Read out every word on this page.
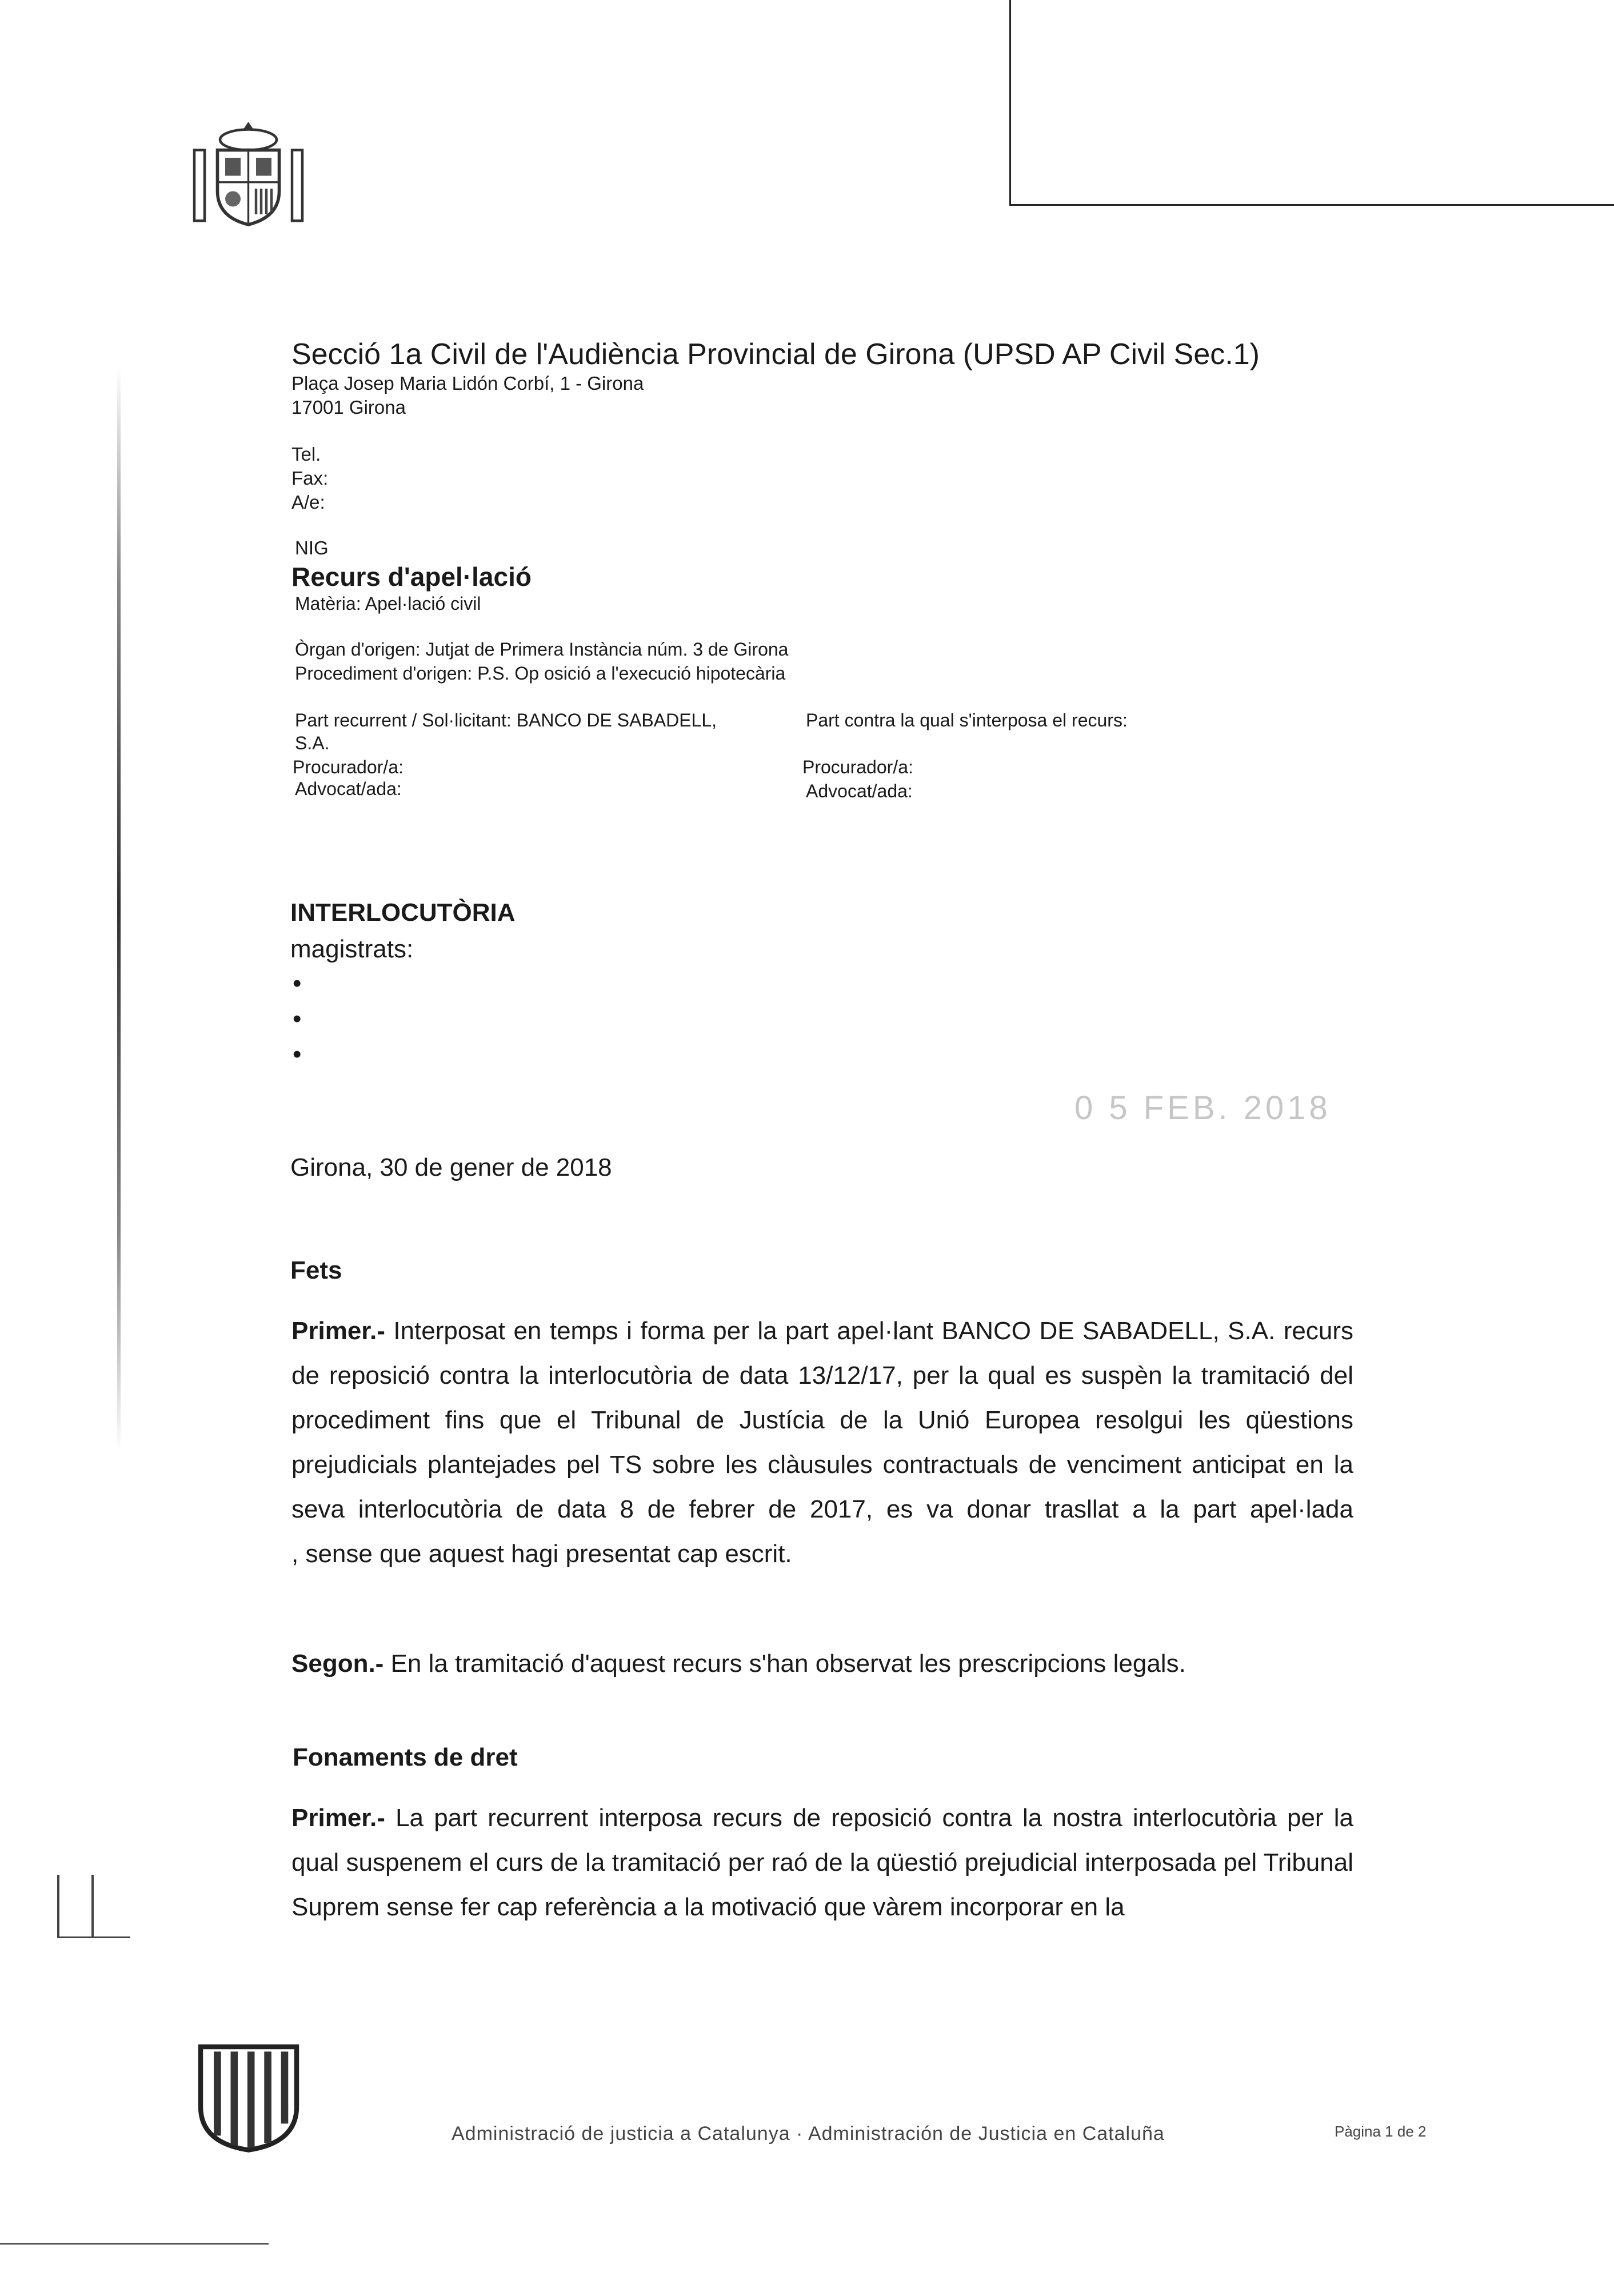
Secció 1a Civil de l'Audiència Provincial de Girona (UPSD AP Civil Sec.1)
Plaça Josep Maria Lidón Corbí, 1 - Girona
17001 Girona
Tel.
Fax:
A/e:
NIG
Recurs d'apel·lació
Matèria: Apel·lació civil
Òrgan d'origen: Jutjat de Primera Instància núm. 3 de Girona
Procediment d'origen: P.S. Op osició a l'execució hipotecària
Part recurrent / Sol·licitant: BANCO DE SABADELL,
S.A.
Procurador/a:
Advocat/ada:
Part contra la qual s'interposa el recurs:
Procurador/a:
Advocat/ada:
INTERLOCUTÒRIA
magistrats:
•
•
•
0 5 FEB. 2018
Girona, 30 de gener de 2018
Fets
Primer.- Interposat en temps i forma per la part apel·lant BANCO DE SABADELL, S.A. recurs de reposició contra la interlocutòria de data 13/12/17, per la qual es suspèn la tramitació del procediment fins que el Tribunal de Justícia de la Unió Europea resolgui les qüestions prejudicials plantejades pel TS sobre les clàusules contractuals de venciment anticipat en la seva interlocutòria de data 8 de febrer de 2017, es va donar trasllat a la part apel·lada                                   , sense que aquest hagi presentat cap escrit.
Segon.- En la tramitació d'aquest recurs s'han observat les prescripcions legals.
Fonaments de dret
Primer.- La part recurrent interposa recurs de reposició contra la nostra interlocutòria per la qual suspenem el curs de la tramitació per raó de la qüestió prejudicial interposada pel Tribunal Suprem sense fer cap referència a la motivació que vàrem incorporar en la
Administració de justicia a Catalunya · Administración de Justicia en Cataluña	Pàgina 1 de 2
